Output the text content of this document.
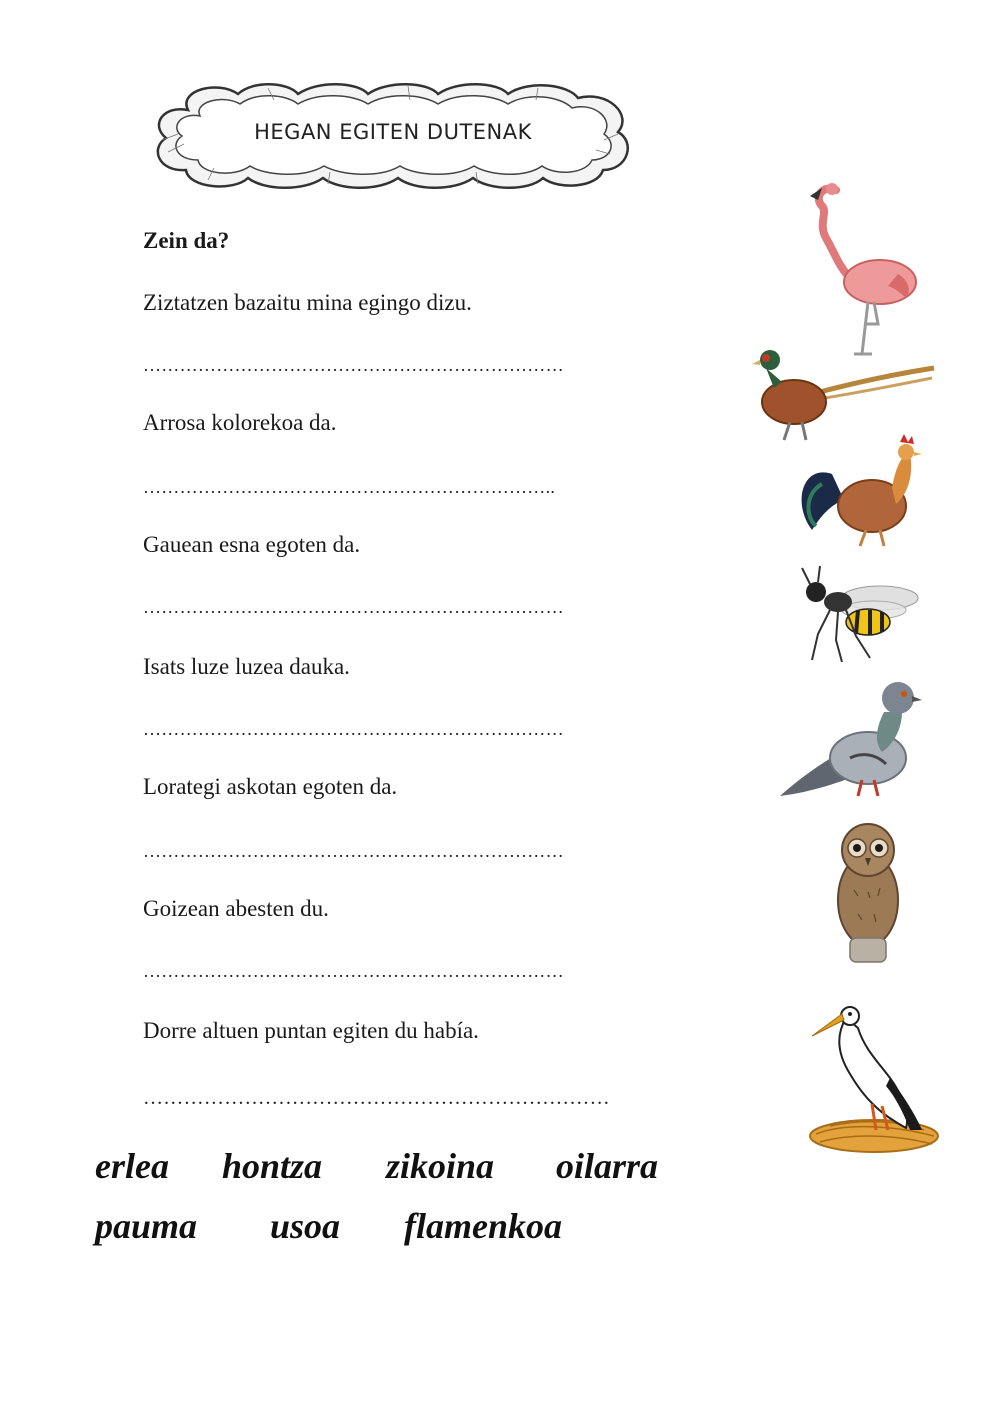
HEGAN EGITEN DUTENAK
Zein da?
Ziztatzen bazaitu mina egingo dizu.
……………………………………………………………
Arrosa kolorekoa da.
…………………………………………………………..
Gauean esna egoten da.
……………………………………………………………
Isats luze luzea dauka.
……………………………………………………………
Lorategi askotan egoten da.
……………………………………………………………
Goizean abesten du.
……………………………………………………………
Dorre altuen puntan egiten du había.
……………………………………………………………
erlea hontza zikoina oilarra
pauma usoa flamenkoa
